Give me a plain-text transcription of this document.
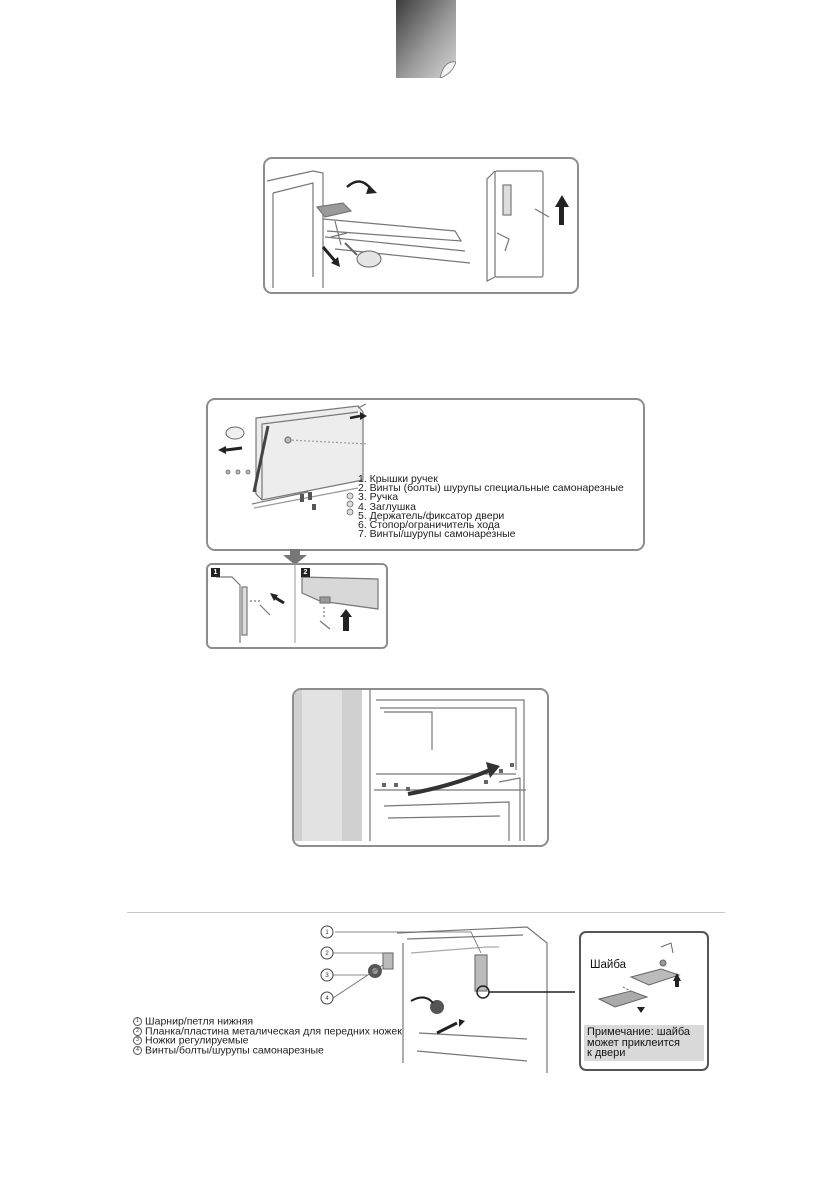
1. Крышки ручек
2. Винты (болты) шурупы специальные самонарезные
3. Ручка
4. Заглушка
5. Держатель/фиксатор двери
6. Стопор/ограничитель хода
7. Винты/шурупы самонарезные
1	2
1
2
3
4
1 Шарнир/петля нижняя
2 Планка/пластина металическая для передних ножек
3 Ножки регулируемые
4 Винты/болты/шурупы самонарезные
Шайба
Примечание: шайба
может приклеится
к двери
